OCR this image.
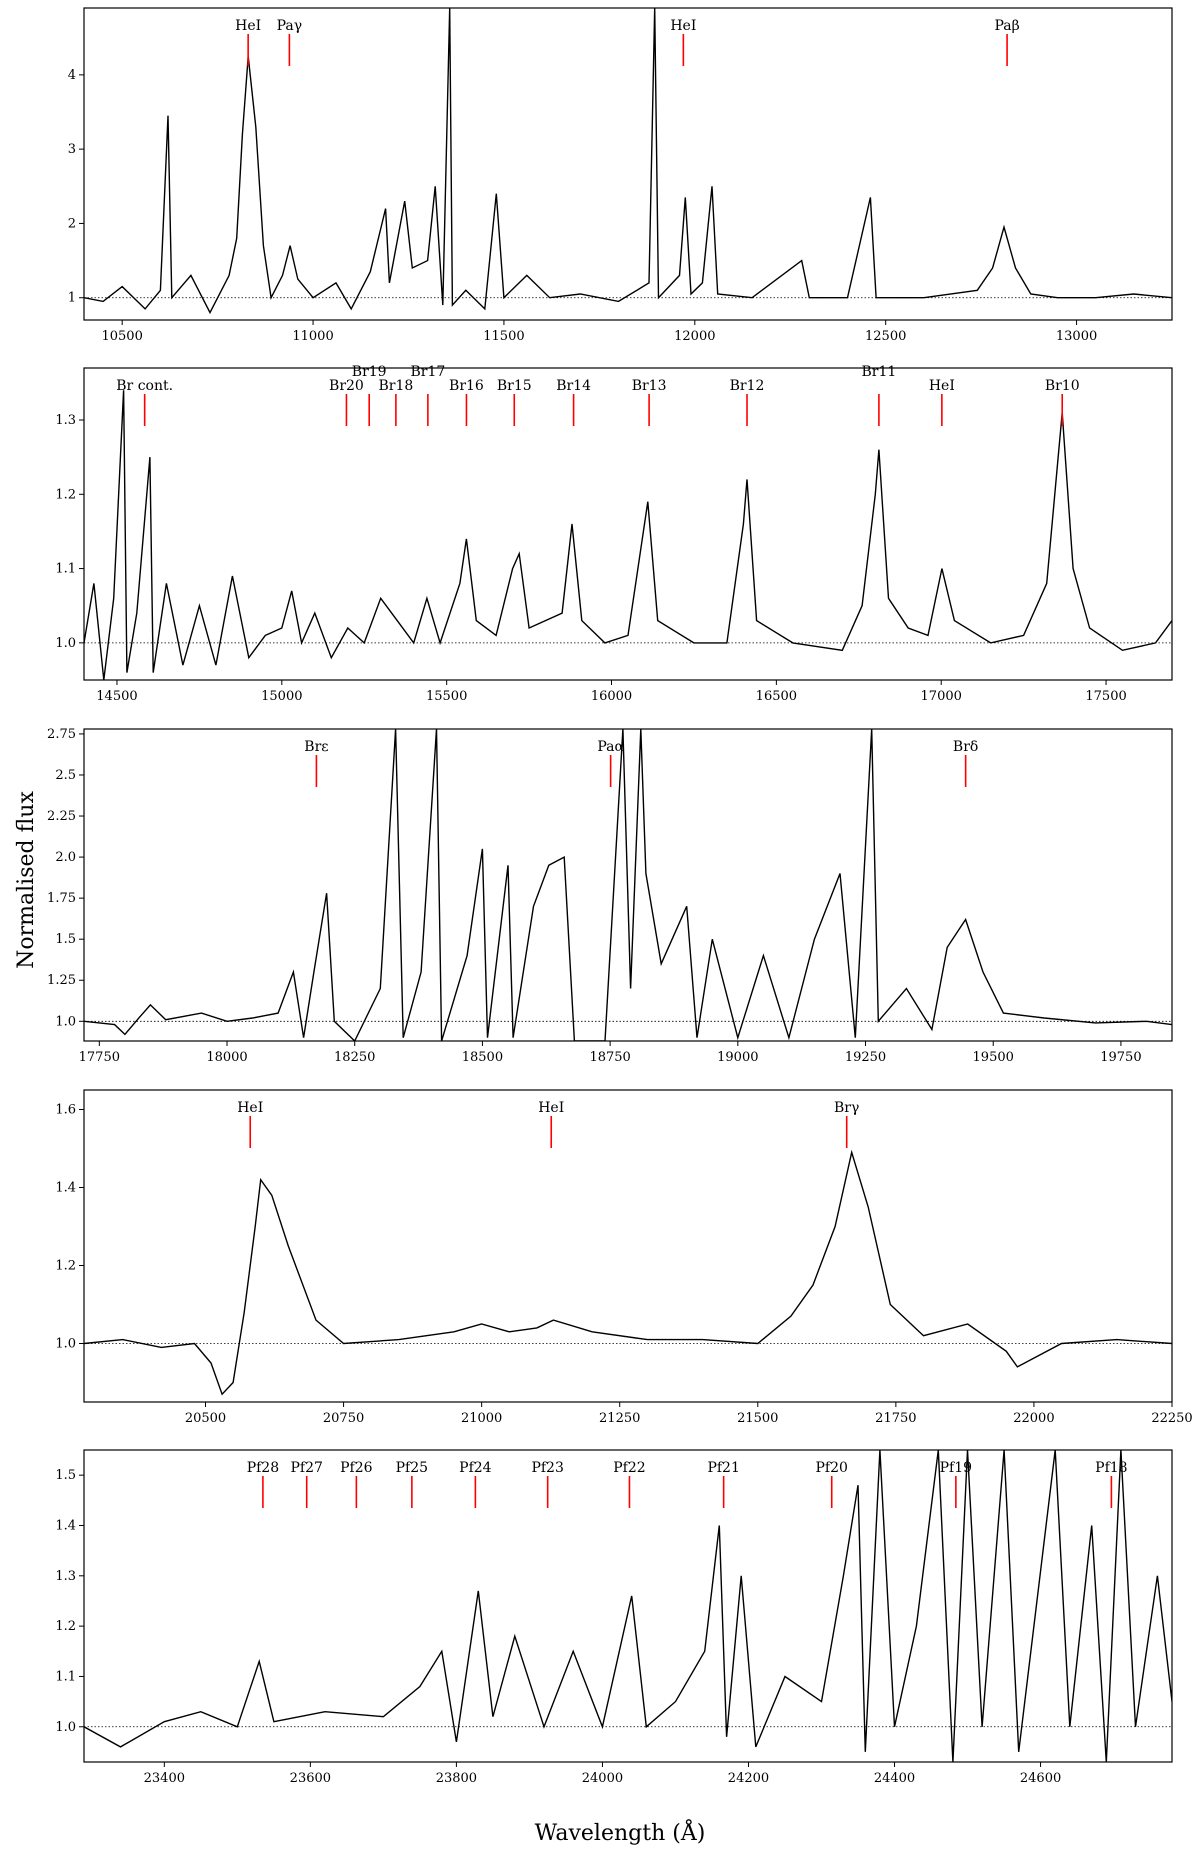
HeI Paγ	HeI	Paβ
10500	11000	11500	12000	12500	13000
1
2
3
4
Br cont.	Br20
Br19
Br18
Br17
Br16 Br15 Br14	Br13	Br12	HeI
Br11
Br10
14500	15000	15500	16000	16500	17000	17500
1.0
1.1
1.2
1.3
Brε	Paα	Brδ
17750	18000	18250	18500	18750	19000	19250	19500	19750
1.0
1.25
1.5
1.75
2.0
2.25
2.5
2.75
HeI	HeI	Brγ
20500	20750	21000	21250	21500	21750	22000	22250
1.0
1.2
1.4
1.6
Pf28 Pf27 Pf26 Pf25 Pf24	Pf23	Pf22	Pf21	Pf20	Pf19	Pf18
23400	23600	23800	24000	24200	24400	24600
1.0
1.1
1.2
1.3
1.4
1.5
Normalised flux
Wavelength (Å)
